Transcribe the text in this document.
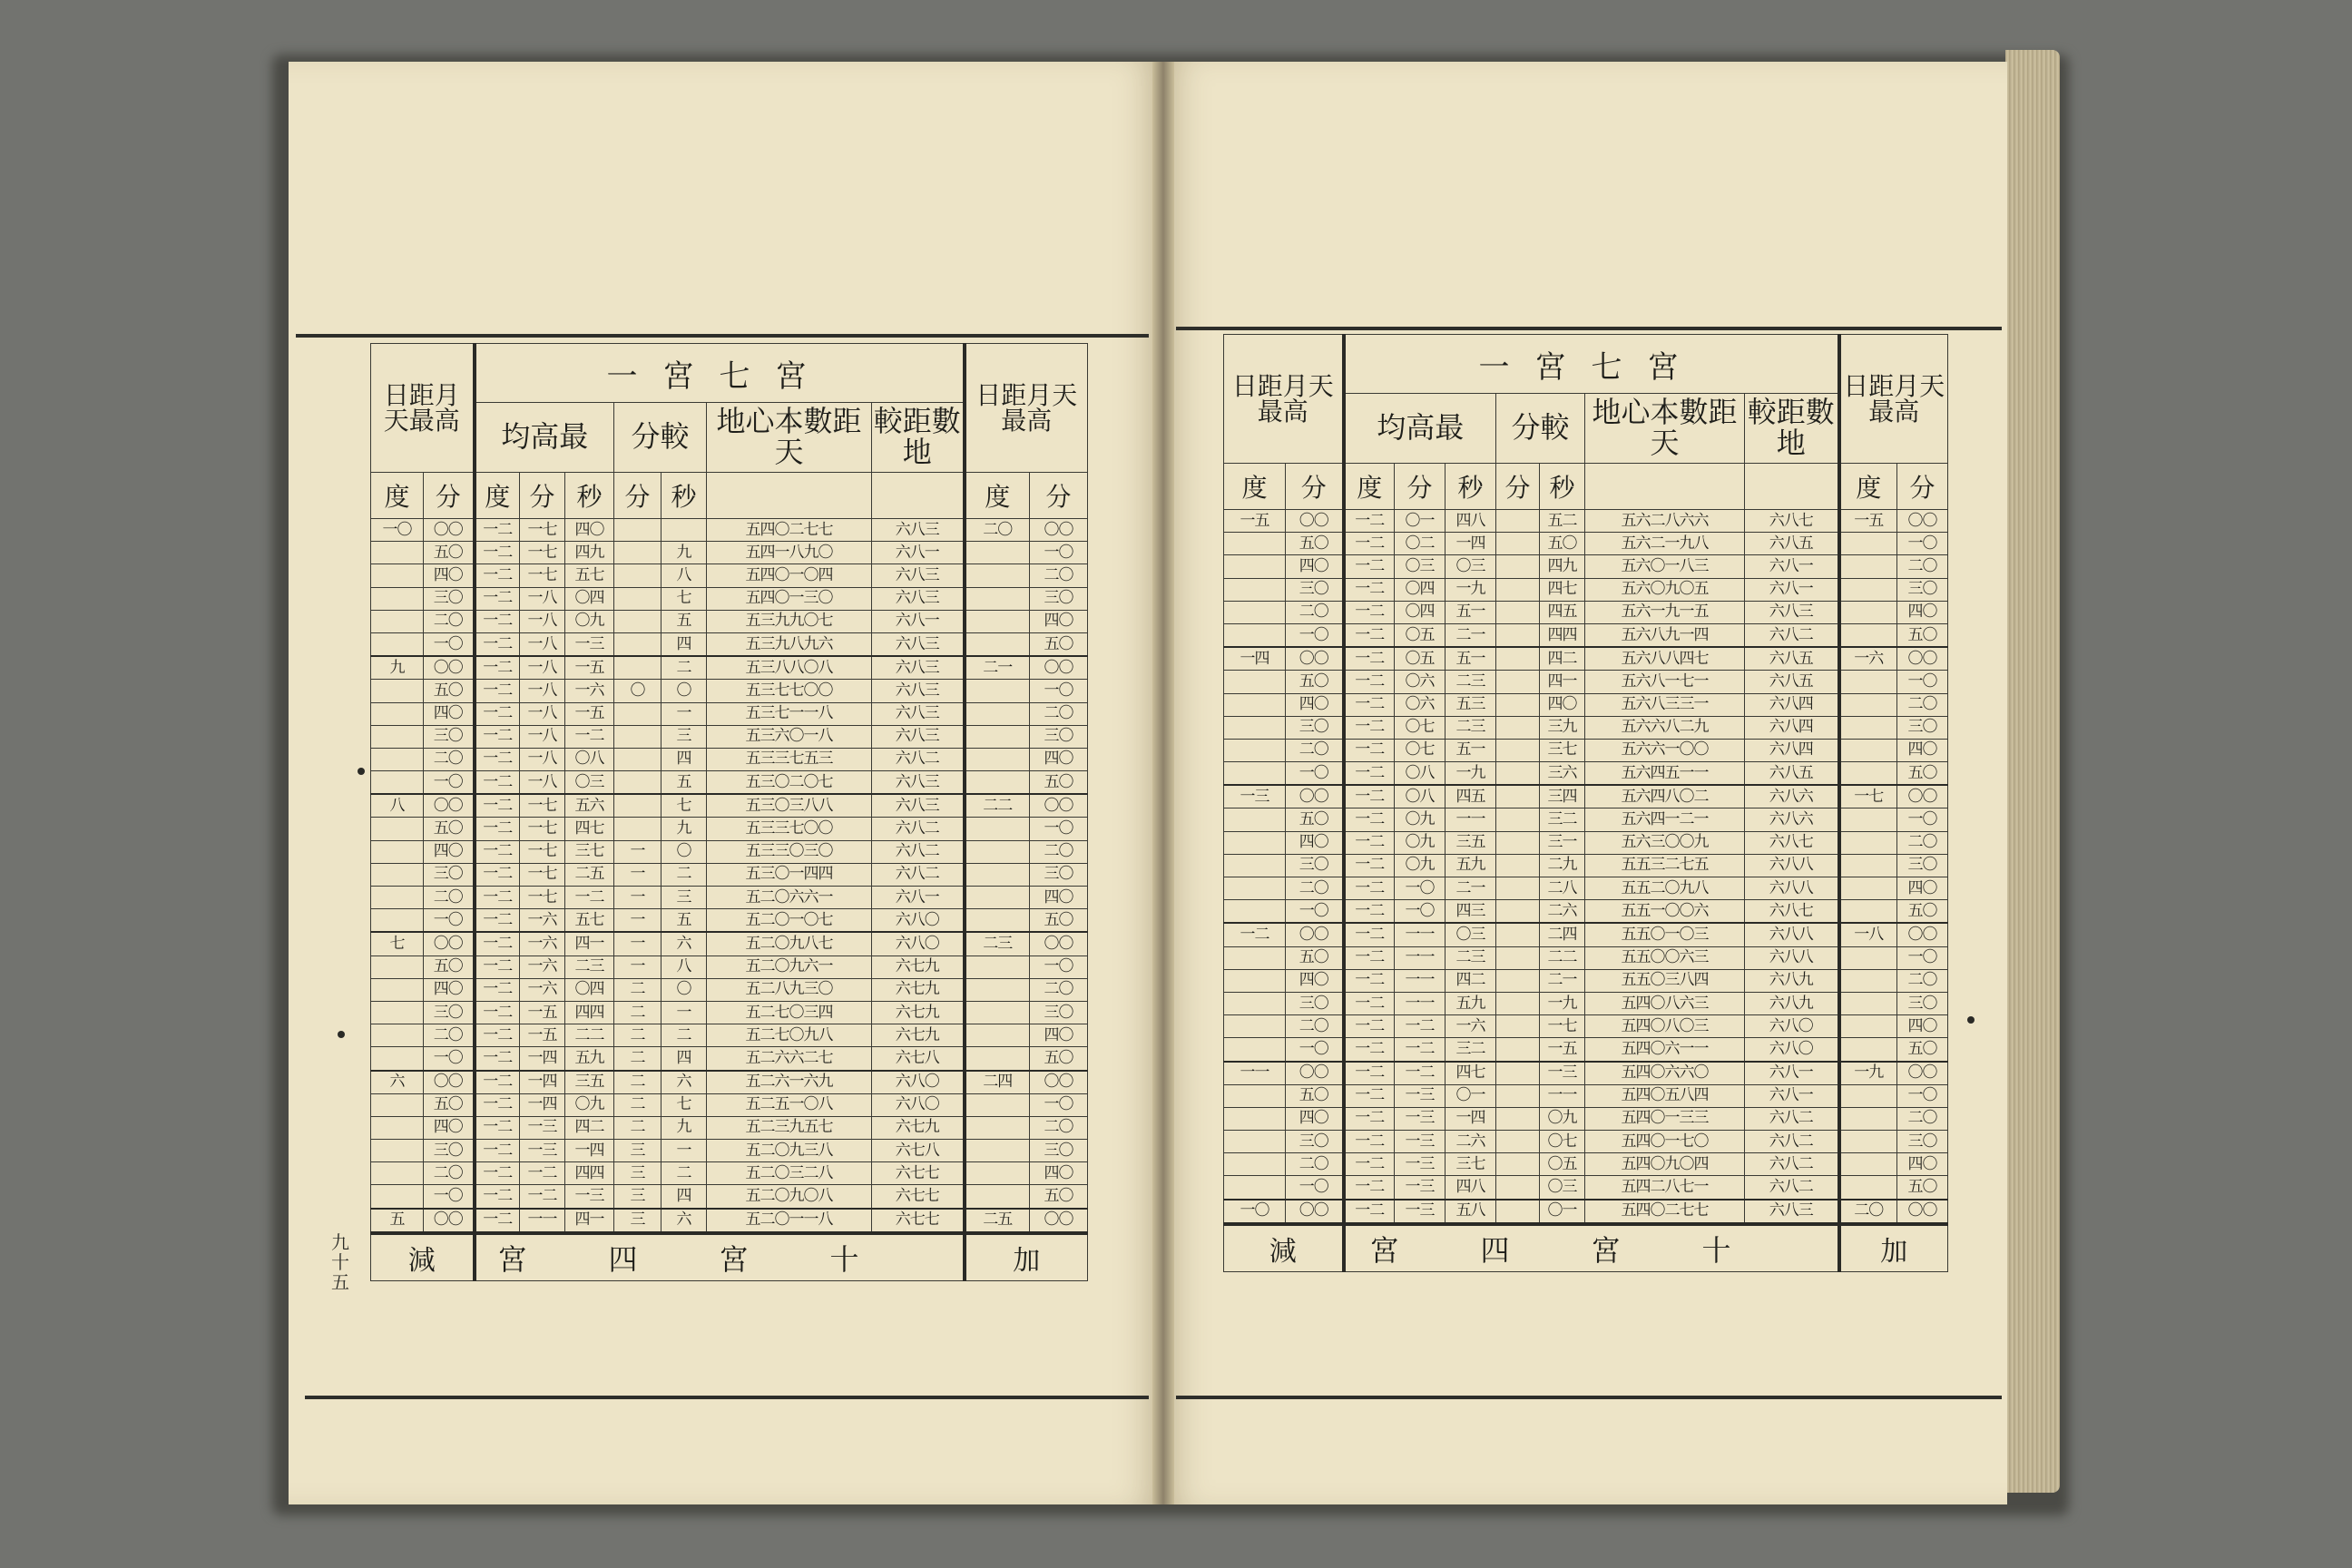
九十五
日距月天最高		一宮七宮							日距月天最高	
		均高最			分較		地心本數距天	較距數地		
度	分	度	分	秒	分	秒			度	分
一〇	〇〇	一二	一七	四〇			五四〇二七七	六八三	二〇	〇〇
	五〇	一二	一七	四九		九	五四一八九〇	六八一		一〇
	四〇	一二	一七	五七		八	五四〇一〇四	六八三		二〇
	三〇	一二	一八	〇四		七	五四〇一三〇	六八三		三〇
	二〇	一二	一八	〇九		五	五三九九〇七	六八一		四〇
	一〇	一二	一八	一三		四	五三九八九六	六八三		五〇
九	〇〇	一二	一八	一五		二	五三八八〇八	六八三	二一	〇〇
	五〇	一二	一八	一六	〇	〇	五三七七〇〇	六八三		一〇
	四〇	一二	一八	一五		一	五三七一一八	六八三		二〇
	三〇	一二	一八	一二		三	五三六〇一八	六八三		三〇
	二〇	一二	一八	〇八		四	五三三七五三	六八二		四〇
	一〇	一二	一八	〇三		五	五三〇二〇七	六八三		五〇
八	〇〇	一二	一七	五六		七	五三〇三八八	六八三	二二	〇〇
	五〇	一二	一七	四七		九	五三三七〇〇	六八二		一〇
	四〇	一二	一七	三七	一	〇	五三三〇三〇	六八二		二〇
	三〇	一二	一七	二五	一	二	五三〇一四四	六八二		三〇
	二〇	一二	一七	一二	一	三	五二〇六六一	六八一		四〇
	一〇	一二	一六	五七	一	五	五二〇一〇七	六八〇		五〇
七	〇〇	一二	一六	四一	一	六	五二〇九八七	六八〇	二三	〇〇
	五〇	一二	一六	二三	一	八	五二〇九六一	六七九		一〇
	四〇	一二	一六	〇四	二	〇	五二八九三〇	六七九		二〇
	三〇	一二	一五	四四	二	一	五二七〇三四	六七九		三〇
	二〇	一二	一五	二二	二	二	五二七〇九八	六七九		四〇
	一〇	一二	一四	五九	二	四	五二六六二七	六七八		五〇
六	〇〇	一二	一四	三五	二	六	五二六一六九	六八〇	二四	〇〇
	五〇	一二	一四	〇九	二	七	五二五一〇八	六八〇		一〇
	四〇	一二	一三	四二	二	九	五二三九五七	六七九		二〇
	三〇	一二	一三	一四	三	一	五二〇九三八	六七八		三〇
	二〇	一二	一二	四四	三	二	五二〇三二八	六七七		四〇
	一〇	一二	一二	一三	三	四	五二〇九〇八	六七七		五〇
五	〇〇	一二	一一	四一	三	六	五二〇一一八	六七七	二五	〇〇
減		宮四宮十							加	
日距月天最高		一宮七宮							日距月天最高	
		均高最			分較		地心本數距天	較距數地		
度	分	度	分	秒	分	秒			度	分
一五	〇〇	一二	〇一	四八		五二	五六二八六六	六八七	一五	〇〇
	五〇	一二	〇二	一四		五〇	五六二一九八	六八五		一〇
	四〇	一二	〇三	〇三		四九	五六〇一八三	六八一		二〇
	三〇	一二	〇四	一九		四七	五六〇九〇五	六八一		三〇
	二〇	一二	〇四	五一		四五	五六一九一五	六八三		四〇
	一〇	一二	〇五	二一		四四	五六八九一四	六八二		五〇
一四	〇〇	一二	〇五	五一		四二	五六八八四七	六八五	一六	〇〇
	五〇	一二	〇六	二三		四一	五六八一七一	六八五		一〇
	四〇	一二	〇六	五三		四〇	五六八三三一	六八四		二〇
	三〇	一二	〇七	二三		三九	五六六八二九	六八四		三〇
	二〇	一二	〇七	五一		三七	五六六一〇〇	六八四		四〇
	一〇	一二	〇八	一九		三六	五六四五一一	六八五		五〇
一三	〇〇	一二	〇八	四五		三四	五六四八〇二	六八六	一七	〇〇
	五〇	一二	〇九	一一		三二	五六四一二一	六八六		一〇
	四〇	一二	〇九	三五		三一	五六三〇〇九	六八七		二〇
	三〇	一二	〇九	五九		二九	五五三二七五	六八八		三〇
	二〇	一二	一〇	二一		二八	五五二〇九八	六八八		四〇
	一〇	一二	一〇	四三		二六	五五一〇〇六	六八七		五〇
一二	〇〇	一二	一一	〇三		二四	五五〇一〇三	六八八	一八	〇〇
	五〇	一二	一一	二三		二二	五五〇〇六三	六八八		一〇
	四〇	一二	一一	四二		二一	五五〇三八四	六八九		二〇
	三〇	一二	一一	五九		一九	五四〇八六三	六八九		三〇
	二〇	一二	一二	一六		一七	五四〇八〇三	六八〇		四〇
	一〇	一二	一二	三二		一五	五四〇六一一	六八〇		五〇
一一	〇〇	一二	一二	四七		一三	五四〇六六〇	六八一	一九	〇〇
	五〇	一二	一三	〇一		一一	五四〇五八四	六八一		一〇
	四〇	一二	一三	一四		〇九	五四〇一三三	六八二		二〇
	三〇	一二	一三	二六		〇七	五四〇一七〇	六八二		三〇
	二〇	一二	一三	三七		〇五	五四〇九〇四	六八二		四〇
	一〇	一二	一三	四八		〇三	五四二八七一	六八二		五〇
一〇	〇〇	一二	一三	五八		〇一	五四〇二七七	六八三	二〇	〇〇
減		宮四宮十							加	
